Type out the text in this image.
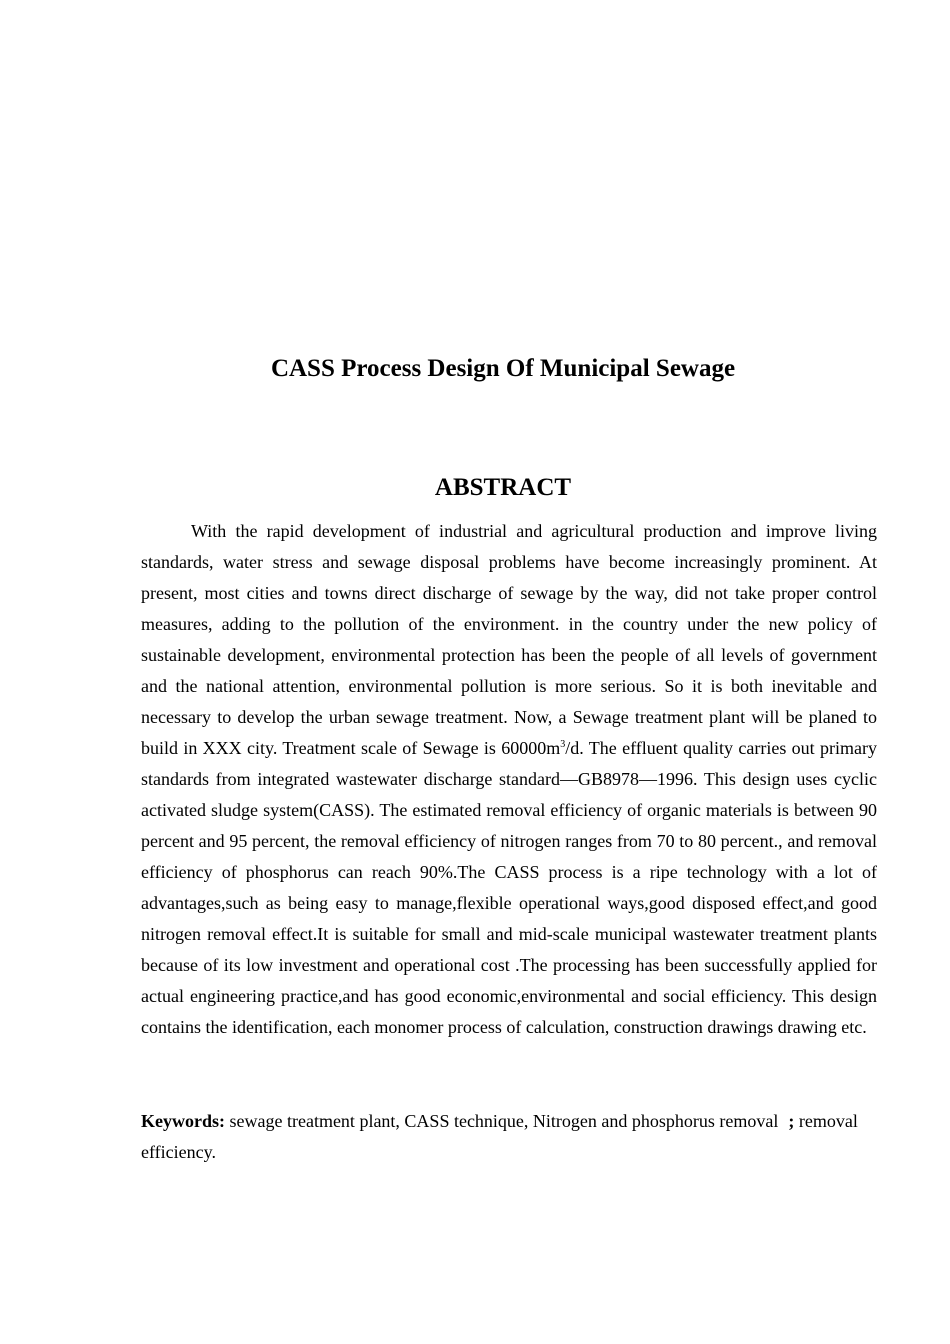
CASS Process Design Of Municipal Sewage
ABSTRACT

With the rapid development of industrial and agricultural production and improve living standards, water stress and sewage disposal problems have become increasingly prominent. At present, most cities and towns direct discharge of sewage by the way, did not take proper control measures, adding to the pollution of the environment. in the country under the new policy of sustainable development, environmental protection has been the people of all levels of government and the national attention, environmental pollution is more serious. So it is both inevitable and necessary to develop the urban sewage treatment. Now, a Sewage treatment plant will be planed to build in XXX city. Treatment scale of Sewage is $60000m^3/d$. The effluent quality carries out primary standards from integrated wastewater discharge standard—GB8978—1996. This design uses cyclic activated sludge system(CASS). The estimated removal efficiency of organic materials is between 90 percent and 95 percent, the removal efficiency of nitrogen ranges from 70 to 80 percent., and removal efficiency of phosphorus can reach 90%.The CASS process is a ripe technology with a lot of advantages,such as being easy to manage,flexible operational ways,good disposed effect,and good nitrogen removal effect.It is suitable for small and mid-scale municipal wastewater treatment plants because of its low investment and operational cost .The processing has been successfully applied for actual engineering practice,and has good economic,environmental and social efficiency. This design contains the identification, each monomer process of calculation, construction drawings drawing etc.

Keywords: sewage treatment plant, CASS technique, Nitrogen and phosphorus removal ; removal efficiency.
